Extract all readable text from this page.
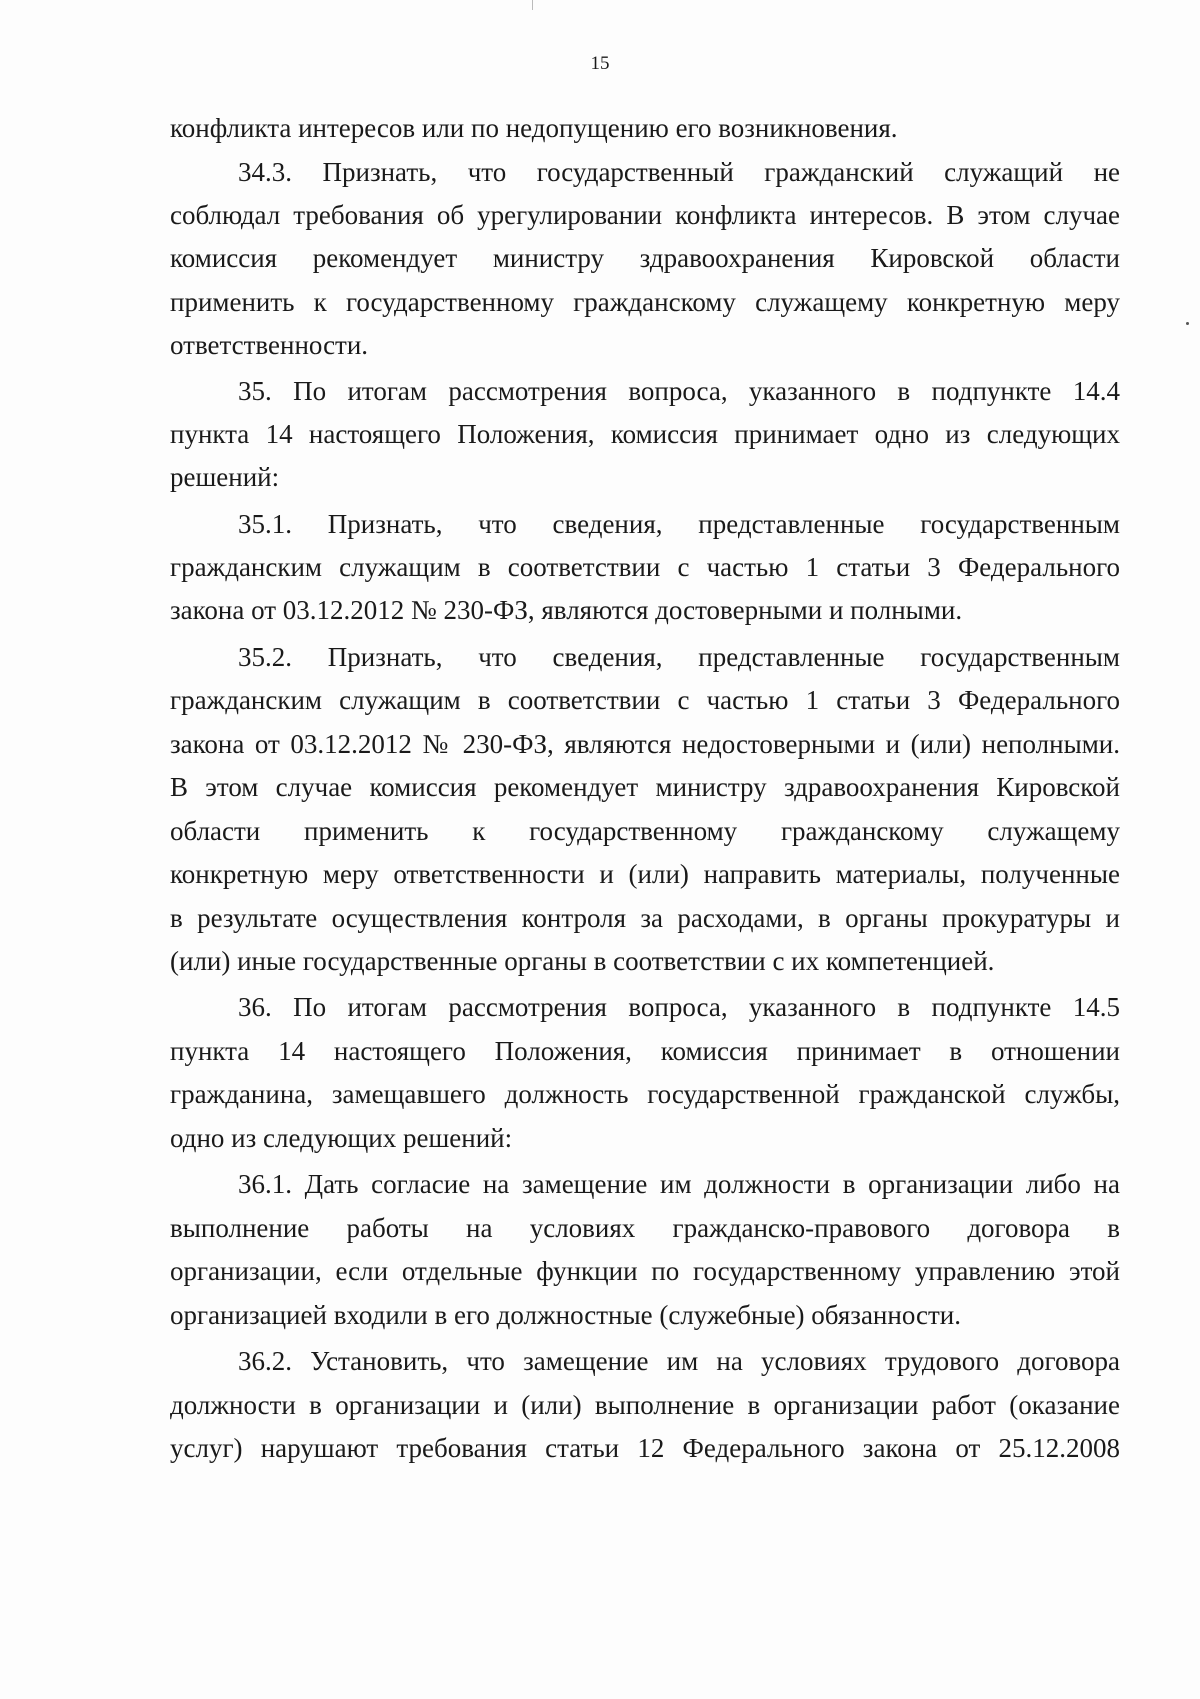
15
конфликта интересов или по недопущению его возникновения.
34.3. Признать, что государственный гражданский служащий не
соблюдал требования об урегулировании конфликта интересов. В этом случае
комиссия рекомендует министру здравоохранения Кировской области
применить к государственному гражданскому служащему конкретную меру
ответственности.
35. По итогам рассмотрения вопроса, указанного в подпункте 14.4
пункта 14 настоящего Положения, комиссия принимает одно из следующих
решений:
35.1. Признать, что сведения, представленные государственным
гражданским служащим в соответствии с частью 1 статьи 3 Федерального
закона от 03.12.2012 № 230-ФЗ, являются достоверными и полными.
35.2. Признать, что сведения, представленные государственным
гражданским служащим в соответствии с частью 1 статьи 3 Федерального
закона от 03.12.2012 № 230-ФЗ, являются недостоверными и (или) неполными.
В этом случае комиссия рекомендует министру здравоохранения Кировской
области применить к государственному гражданскому служащему
конкретную меру ответственности и (или) направить материалы, полученные
в результате осуществления контроля за расходами, в органы прокуратуры и
(или) иные государственные органы в соответствии с их компетенцией.
36. По итогам рассмотрения вопроса, указанного в подпункте 14.5
пункта 14 настоящего Положения, комиссия принимает в отношении
гражданина, замещавшего должность государственной гражданской службы,
одно из следующих решений:
36.1. Дать согласие на замещение им должности в организации либо на
выполнение работы на условиях гражданско-правового договора в
организации, если отдельные функции по государственному управлению этой
организацией входили в его должностные (служебные) обязанности.
36.2. Установить, что замещение им на условиях трудового договора
должности в организации и (или) выполнение в организации работ (оказание
услуг) нарушают требования статьи 12 Федерального закона от 25.12.2008
